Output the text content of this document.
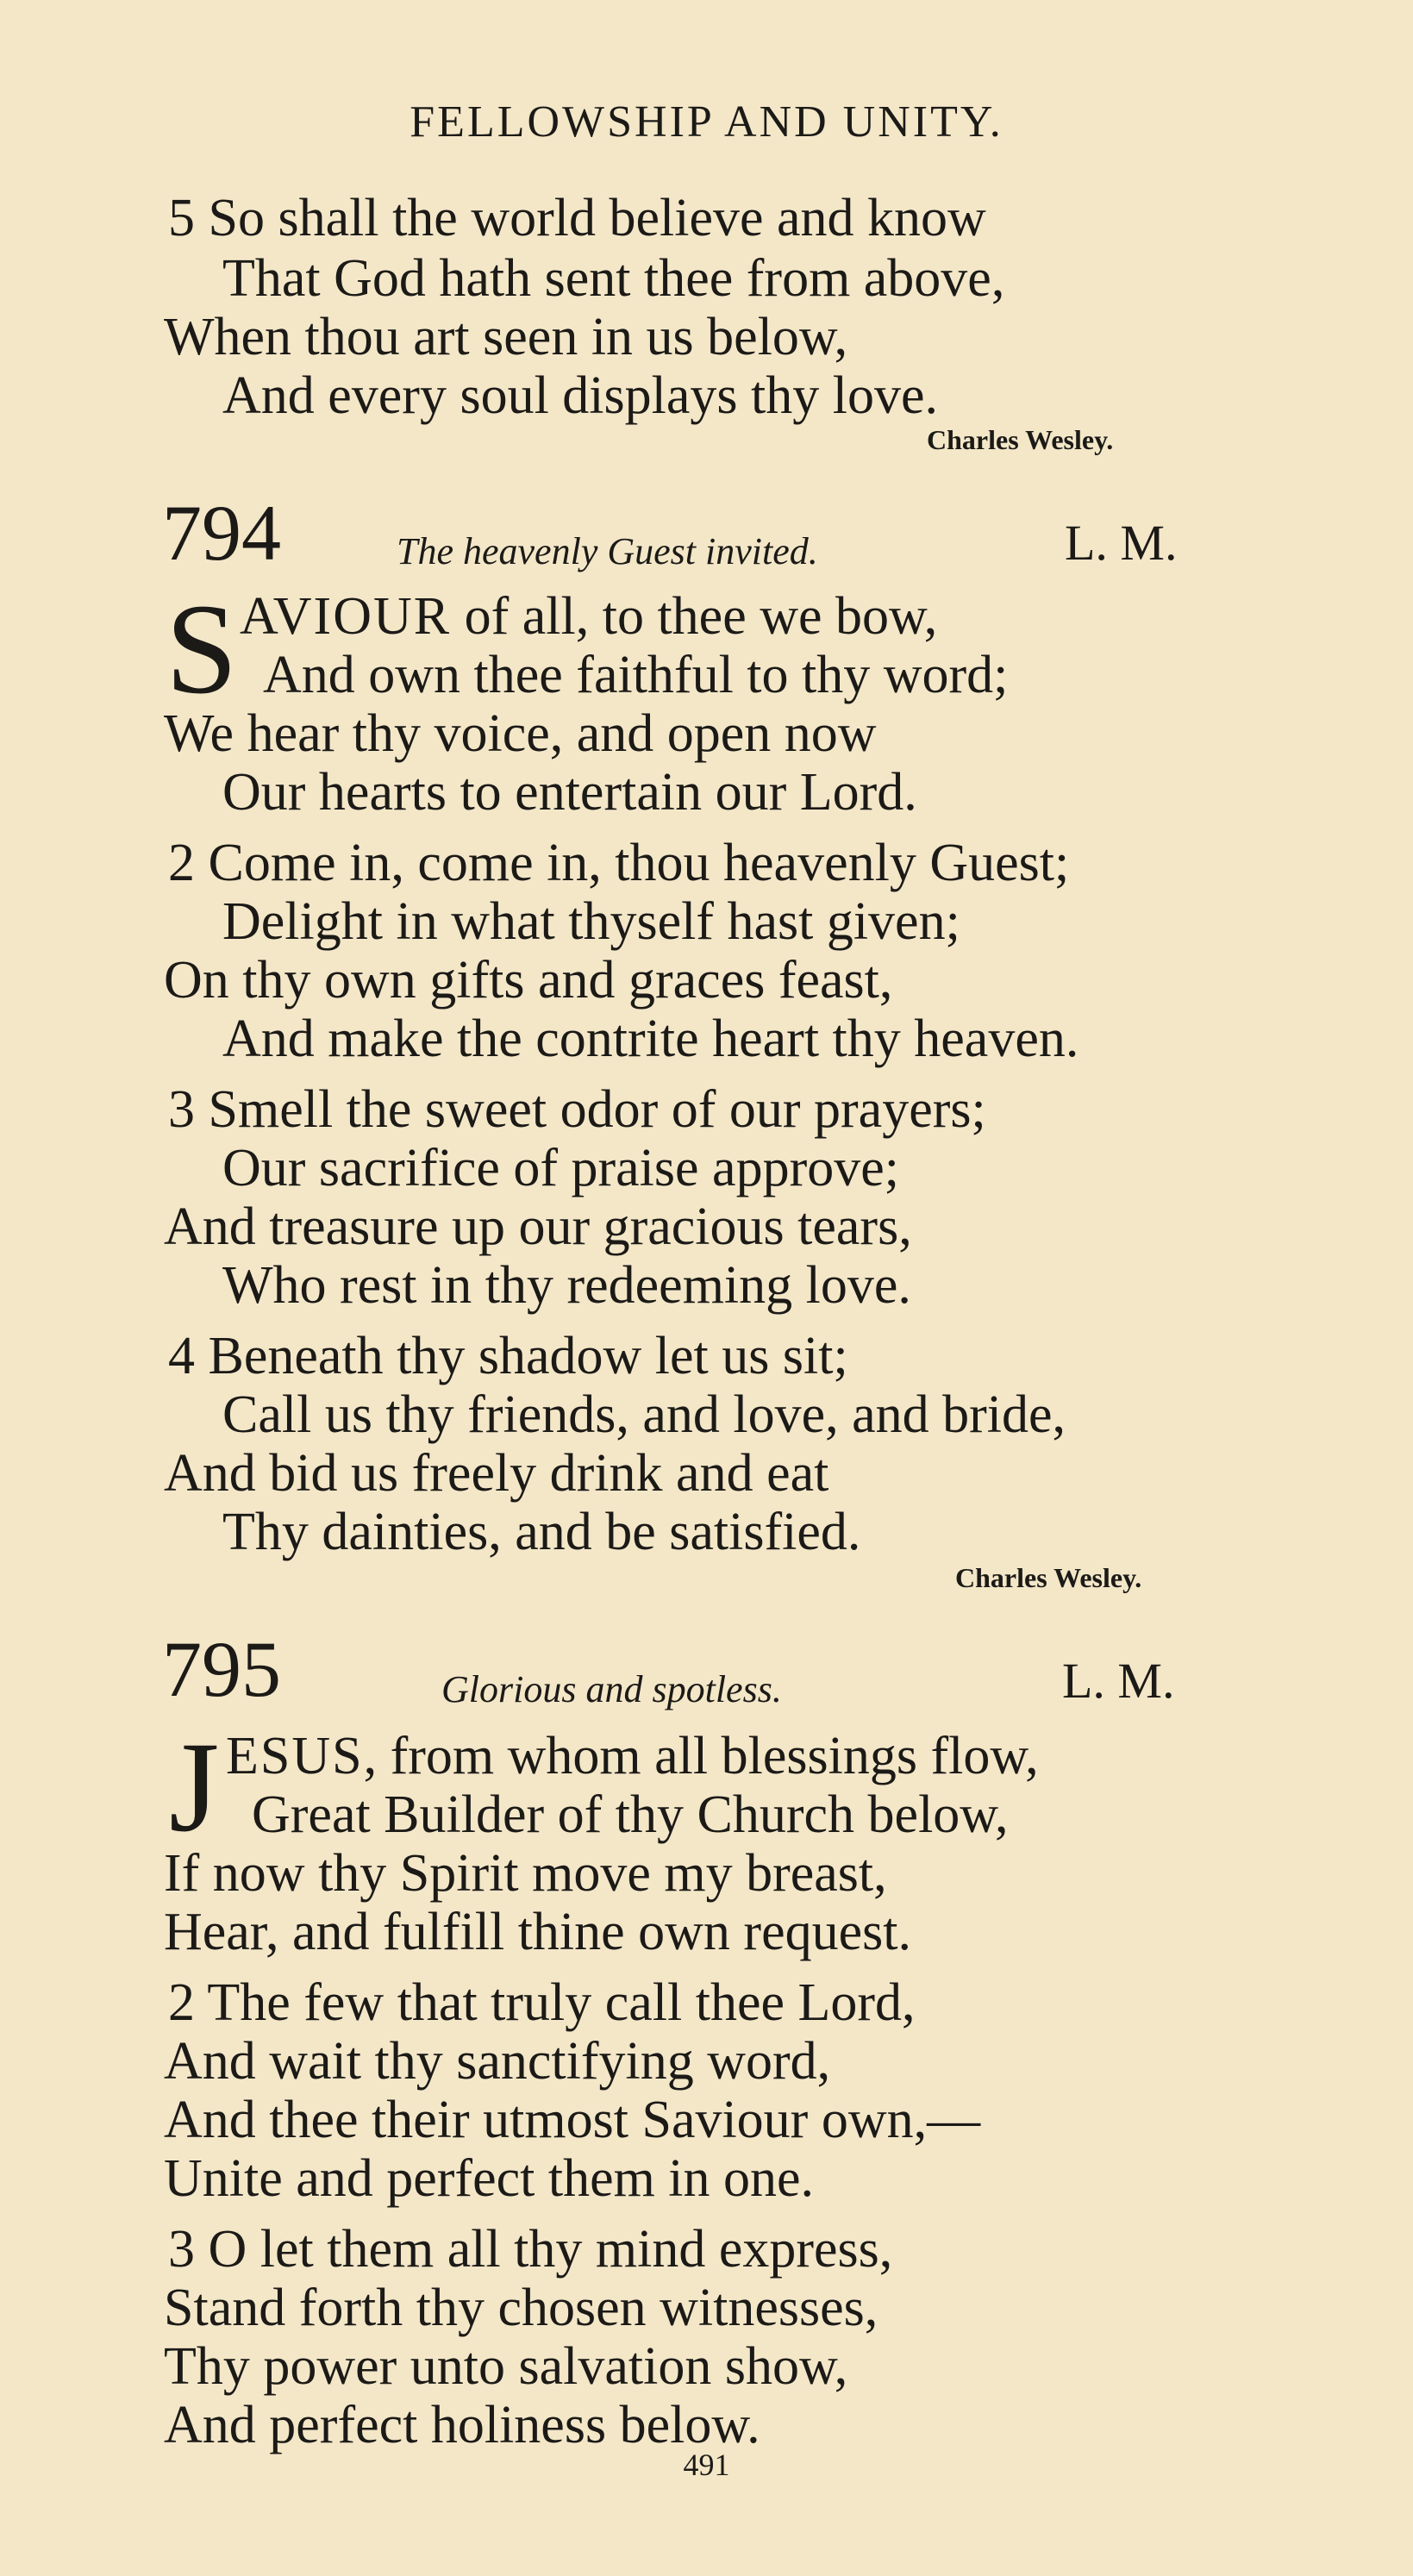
FELLOWSHIP AND UNITY.
5 So shall the world believe and know
That God hath sent thee from above,
When thou art seen in us below,
And every soul displays thy love.
Charles Wesley.
794	The heavenly Guest invited.	L. M.
S AVIOUR of all, to thee we bow,
And own thee faithful to thy word;
We hear thy voice, and open now
Our hearts to entertain our Lord.
2 Come in, come in, thou heavenly Guest;
Delight in what thyself hast given;
On thy own gifts and graces feast,
And make the contrite heart thy heaven.
3 Smell the sweet odor of our prayers;
Our sacrifice of praise approve;
And treasure up our gracious tears,
Who rest in thy redeeming love.
4 Beneath thy shadow let us sit;
Call us thy friends, and love, and bride,
And bid us freely drink and eat
Thy dainties, and be satisfied.
Charles Wesley.
795	Glorious and spotless.	L. M.
J ESUS, from whom all blessings flow,
Great Builder of thy Church below,
If now thy Spirit move my breast,
Hear, and fulfill thine own request.
2 The few that truly call thee Lord,
And wait thy sanctifying word,
And thee their utmost Saviour own,—
Unite and perfect them in one.
3 O let them all thy mind express,
Stand forth thy chosen witnesses,
Thy power unto salvation show,
And perfect holiness below.
491
